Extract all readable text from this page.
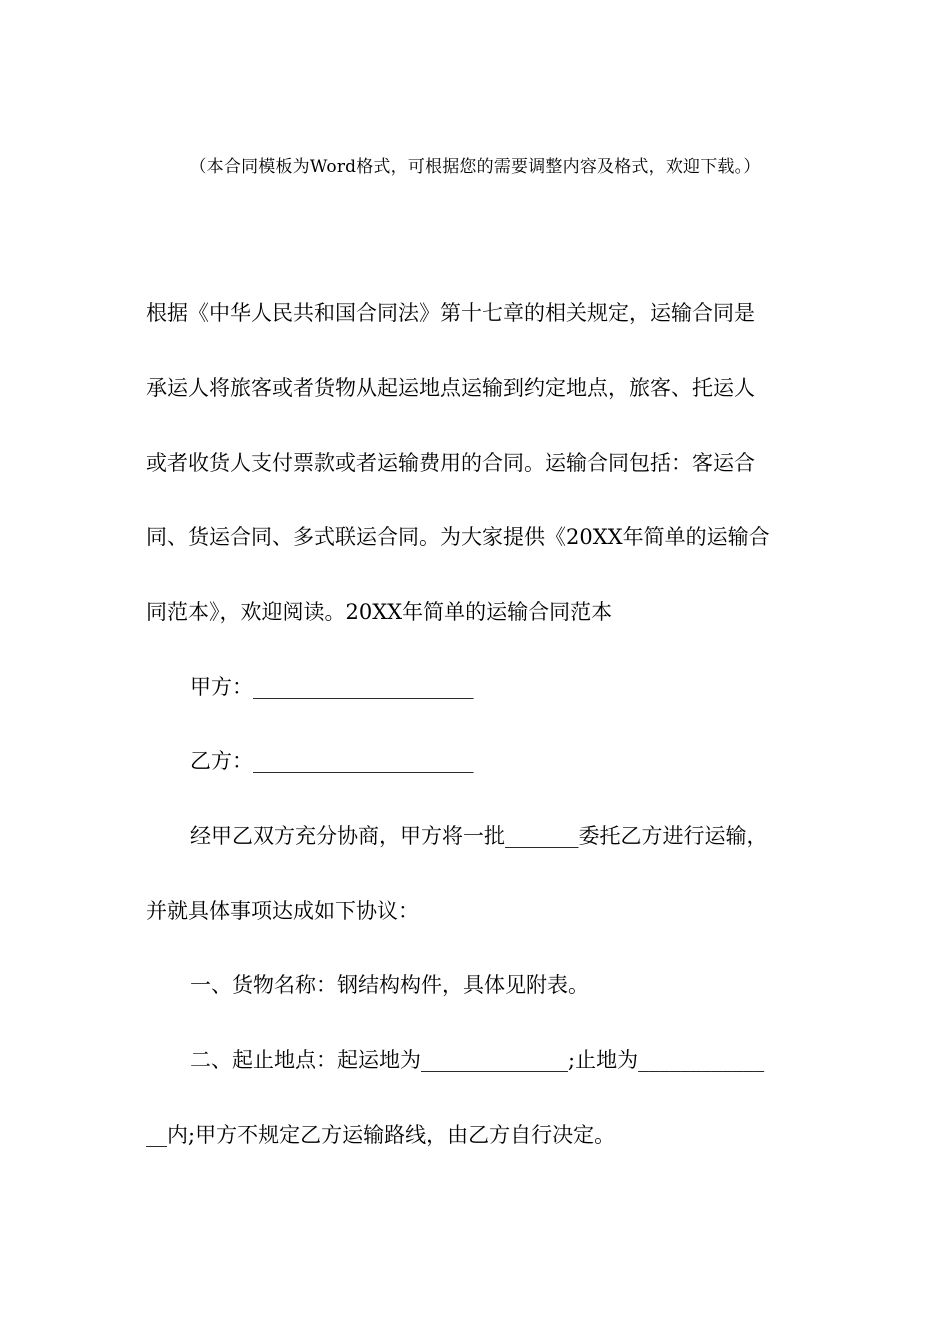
（本合同模板为Word格式，可根据您的需要调整内容及格式，欢迎下载。）
根据《中华人民共和国合同法》第十七章的相关规定，运输合同是
承运人将旅客或者货物从起运地点运输到约定地点，旅客、托运人
或者收货人支付票款或者运输费用的合同。运输合同包括：客运合
同、货运合同、多式联运合同。为大家提供《20XX年简单的运输合
同范本》，欢迎阅读。20XX年简单的运输合同范本
甲方：_____________________
乙方：_____________________
经甲乙双方充分协商，甲方将一批_______委托乙方进行运输，
并就具体事项达成如下协议：
一、货物名称：钢结构构件，具体见附表。
二、起止地点：起运地为______________;止地为____________
__内;甲方不规定乙方运输路线，由乙方自行决定。
